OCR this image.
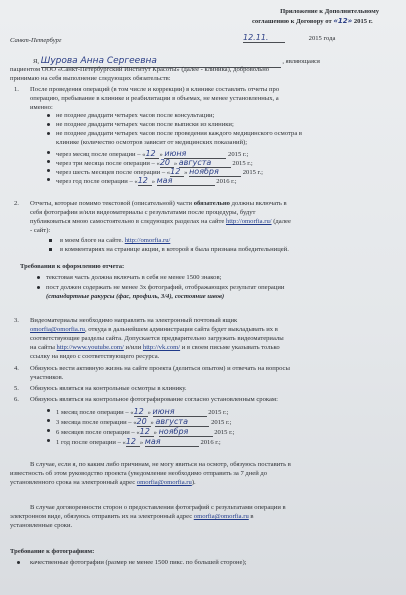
Приложение к Дополнительному
соглашению к Договору от «12» 2015 г.
Санкт-Петербург	12.11.	2015 года
Я, Шурова Анна Сергеевна	, являющаяся
пациентом ООО «Санкт-Петербургский Институт Красоты» (далее - клиника), добровольно
принимаю на себя выполнение следующих обязательств:
1. После проведения операций (в том числе и коррекции) в клинике составлять отчеты про
операцию, пребывание в клинике и реабилитации в объемах, не менее установленных, а
именно:
не позднее двадцати четырех часов после консультации;
не позднее двадцати четырех часов после выписки из клиники;
не позднее двадцати четырех часов после проведения каждого медицинского осмотра в
клинике (количество осмотров зависит от медицинских показаний);
через месяц после операции – «12 » июня	2015 г.;
через три месяца после операции – «20 » августа	2015 г.;
через шесть месяцев после операции – «12 » ноября	2015 г.;
через год после операции – «12 » мая	2016 г.;
2. Отчеты, которые помимо текстовой (описательной) части обязательно должны включать в
себя фотографии и/или видеоматериалы с результатами после процедуры, будут
публиковаться мною самостоятельно в следующих разделах на сайте http://omorfia.ru/ (далее
- сайт):
в моем блоге на сайте. http://omorfia.ru/
в комментариях на странице акции, в которой я была признана победительницей.
Требования к оформлению отчета:
текстовая часть должна включать в себя не менее 1500 знаков;
пост должен содержать не менее 3х фотографий, отображающих результат операции
(стандартные ракурсы (фас, профиль, 3/4), состояние швов)
3. Видеоматериалы необходимо направлять на электронный почтовый ящик
omorfia@omorfia.ru, откуда в дальнейшем администрация сайта будет выкладывать их в
соответствующие разделы сайта. Допускается предварительно загружать видеоматериалы
на сайты http://www.youtube.com/ и/или http://vk.com/ и в своем письме указывать только
ссылку на видео с соответствующего ресурса.
4. Обязуюсь вести активную жизнь на сайте проекта (делиться опытом) и отвечать на вопросы
участников.
5. Обязуюсь являться на контрольные осмотры в клинику.
6. Обязуюсь являться на контрольное фотографирование согласно установленным срокам:
1 месяц после операции – «12 » июня	2015 г.;
3 месяца после операции – «20 » августа	2015 г.;
6 месяцев после операции – «12 » ноября	2015 г.;
1 год после операции – «12 » мая	2016 г.;
В случае, если я, по каким либо причинам, не могу явиться на осмотр, обязуюсь поставить в
известность об этом руководство проекта (уведомление необходимо отправить за 7 дней до
установленного срока на электронный адрес omorfia@omorfia.ru).
В случае договоренности сторон о предоставлении фотографий с результатами операции в
электронном виде, обязуюсь отправить их на электронный адрес omorfia@omorfia.ru в
установленные сроки.
Требование к фотографиям:
качественные фотографии (размер не менее 1500 пикс. по большей стороне);
